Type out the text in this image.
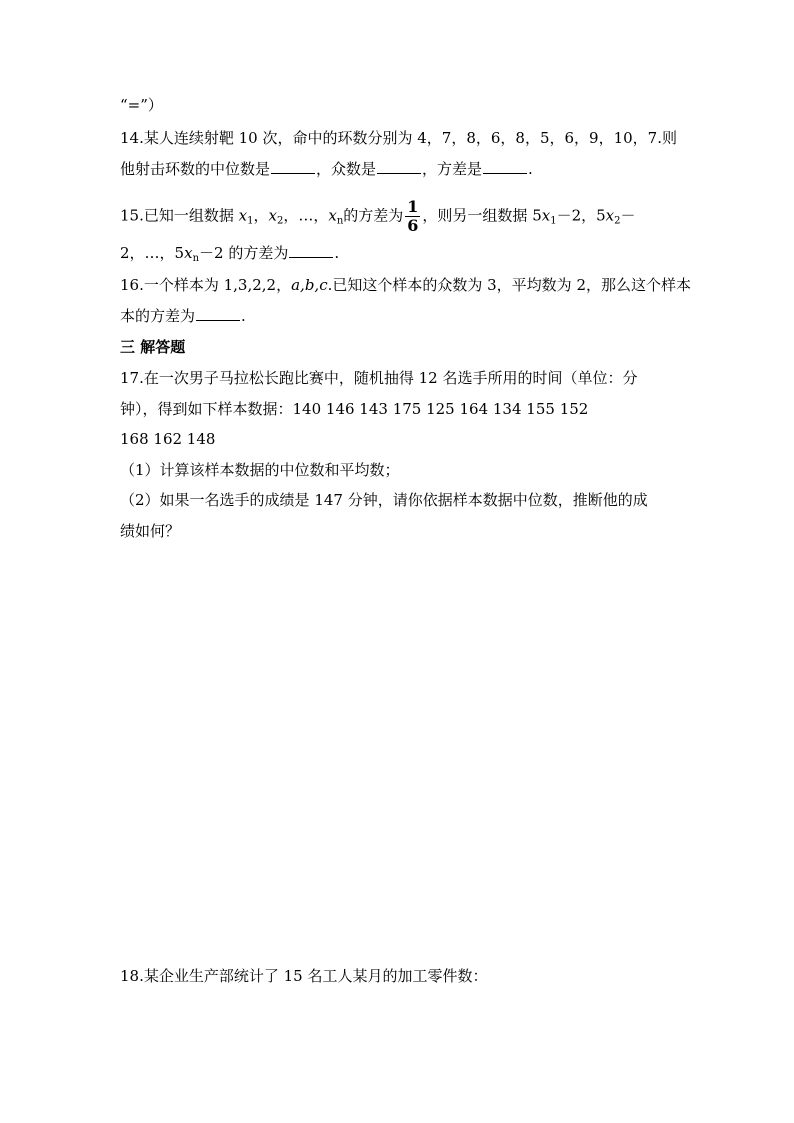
“=”）
14.某人连续射靶 10 次，命中的环数分别为 4，7，8，6，8，5，6，9，10，7.则
他射击环数的中位数是	，众数是	，方差是	.
15.已知一组数据 $x_1$，$x_2$，…，$x_n$的方差为 $\frac{1}{6}$ ，则另一组数据 $5x_1-2$，$5x_2-$
2，…，$5x_n-2$ 的方差为	.
16.一个样本为 1,3,2,2，a,b,c.已知这个样本的众数为 3，平均数为 2，那么这个样本
本的方差为	.
三 解答题
17.在一次男子马拉松长跑比赛中，随机抽得 12 名选手所用的时间（单位：分
钟），得到如下样本数据：140 146 143 175 125 164 134 155 152
168 162 148
（1）计算该样本数据的中位数和平均数；
（2）如果一名选手的成绩是 147 分钟，请你依据样本数据中位数，推断他的成
绩如何？
18.某企业生产部统计了 15 名工人某月的加工零件数：
